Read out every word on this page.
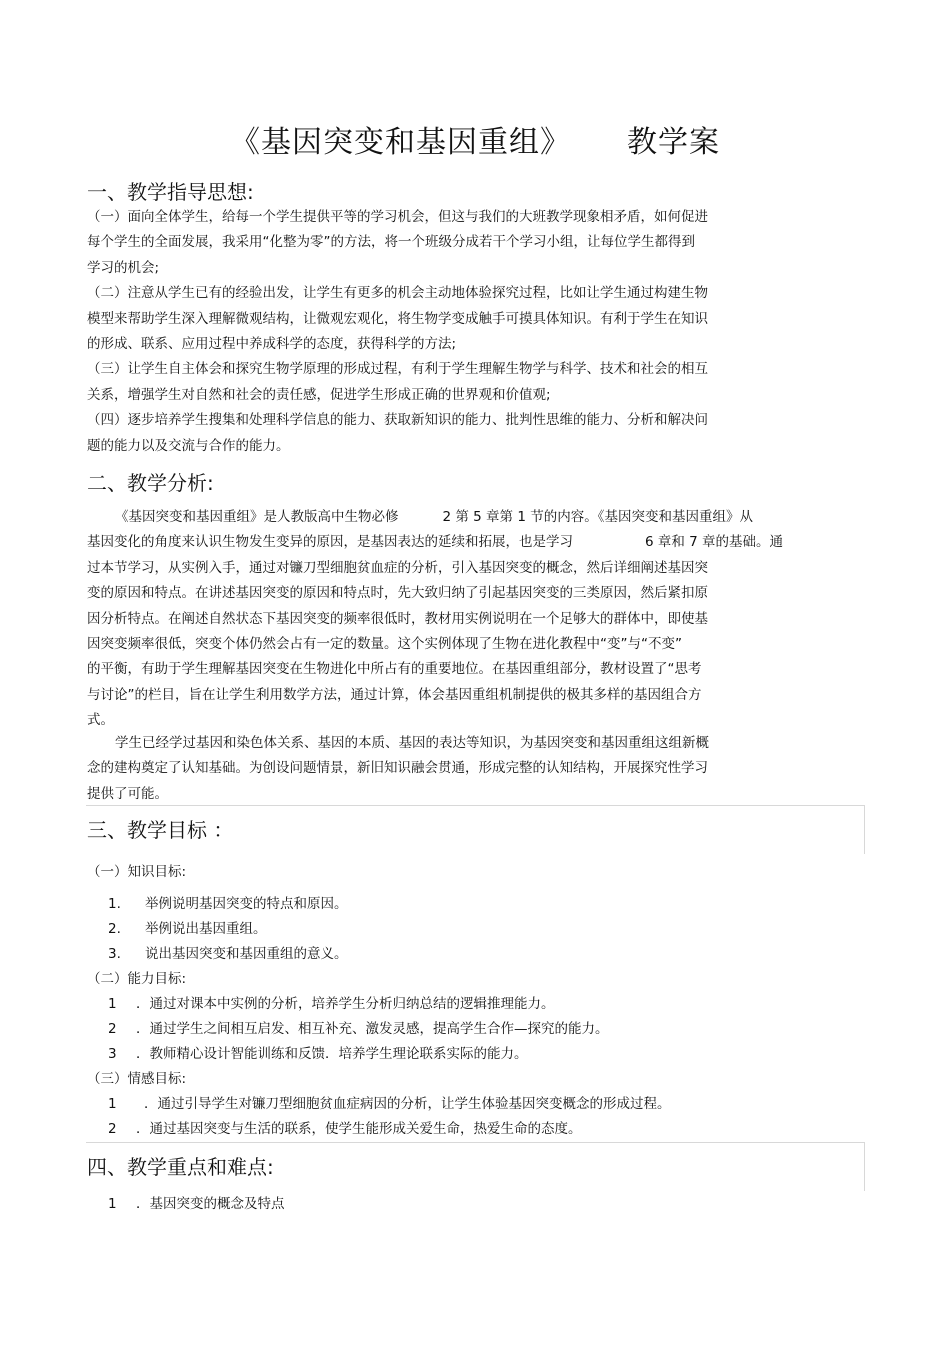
《基因突变和基因重组》 教学案
一、教学指导思想:
（一）面向全体学生，给每一个学生提供平等的学习机会，但这与我们的大班教学现象相矛盾，如何促进
每个学生的全面发展，我采用“化整为零”的方法，将一个班级分成若干个学习小组，让每位学生都得到
学习的机会;
（二）注意从学生已有的经验出发，让学生有更多的机会主动地体验探究过程，比如让学生通过构建生物
模型来帮助学生深入理解微观结构，让微观宏观化，将生物学变成触手可摸具体知识。有利于学生在知识
的形成、联系、应用过程中养成科学的态度，获得科学的方法;
（三）让学生自主体会和探究生物学原理的形成过程，有利于学生理解生物学与科学、技术和社会的相互
关系，增强学生对自然和社会的责任感，促进学生形成正确的世界观和价值观;
（四）逐步培养学生搜集和处理科学信息的能力、获取新知识的能力、批判性思维的能力、分析和解决问
题的能力以及交流与合作的能力。
二、教学分析:
《基因突变和基因重组》是人教版高中生物必修	2 第 5 章第 1 节的内容。《基因突变和基因重组》从
基因变化的角度来认识生物发生变异的原因，是基因表达的延续和拓展，也是学习	6 章和 7 章的基础。通
过本节学习，从实例入手，通过对镰刀型细胞贫血症的分析，引入基因突变的概念，然后详细阐述基因突
变的原因和特点。在讲述基因突变的原因和特点时，先大致归纳了引起基因突变的三类原因，然后紧扣原
因分析特点。在阐述自然状态下基因突变的频率很低时，教材用实例说明在一个足够大的群体中，即使基
因突变频率很低，突变个体仍然会占有一定的数量。这个实例体现了生物在进化教程中“变”与“不变”
的平衡，有助于学生理解基因突变在生物进化中所占有的重要地位。在基因重组部分，教材设置了“思考
与讨论”的栏目，旨在让学生利用数学方法，通过计算，体会基因重组机制提供的极其多样的基因组合方
式。
学生已经学过基因和染色体关系、基因的本质、基因的表达等知识，为基因突变和基因重组这组新概
念的建构奠定了认知基础。为创设问题情景，新旧知识融会贯通，形成完整的认知结构，开展探究性学习
提供了可能。
三、教学目标 ：
（一）知识目标:
1. 举例说明基因突变的特点和原因。
2. 举例说出基因重组。
3. 说出基因突变和基因重组的意义。
（二）能力目标:
1 ．通过对课本中实例的分析，培养学生分析归纳总结的逻辑推理能力。
2 ．通过学生之间相互启发、相互补充、激发灵感，提高学生合作—探究的能力。
3 ．教师精心设计智能训练和反馈．培养学生理论联系实际的能力。
（三）情感目标:
1 ．通过引导学生对镰刀型细胞贫血症病因的分析，让学生体验基因突变概念的形成过程。
2 ．通过基因突变与生活的联系，使学生能形成关爱生命，热爱生命的态度。
四、教学重点和难点:
1 ．基因突变的概念及特点
